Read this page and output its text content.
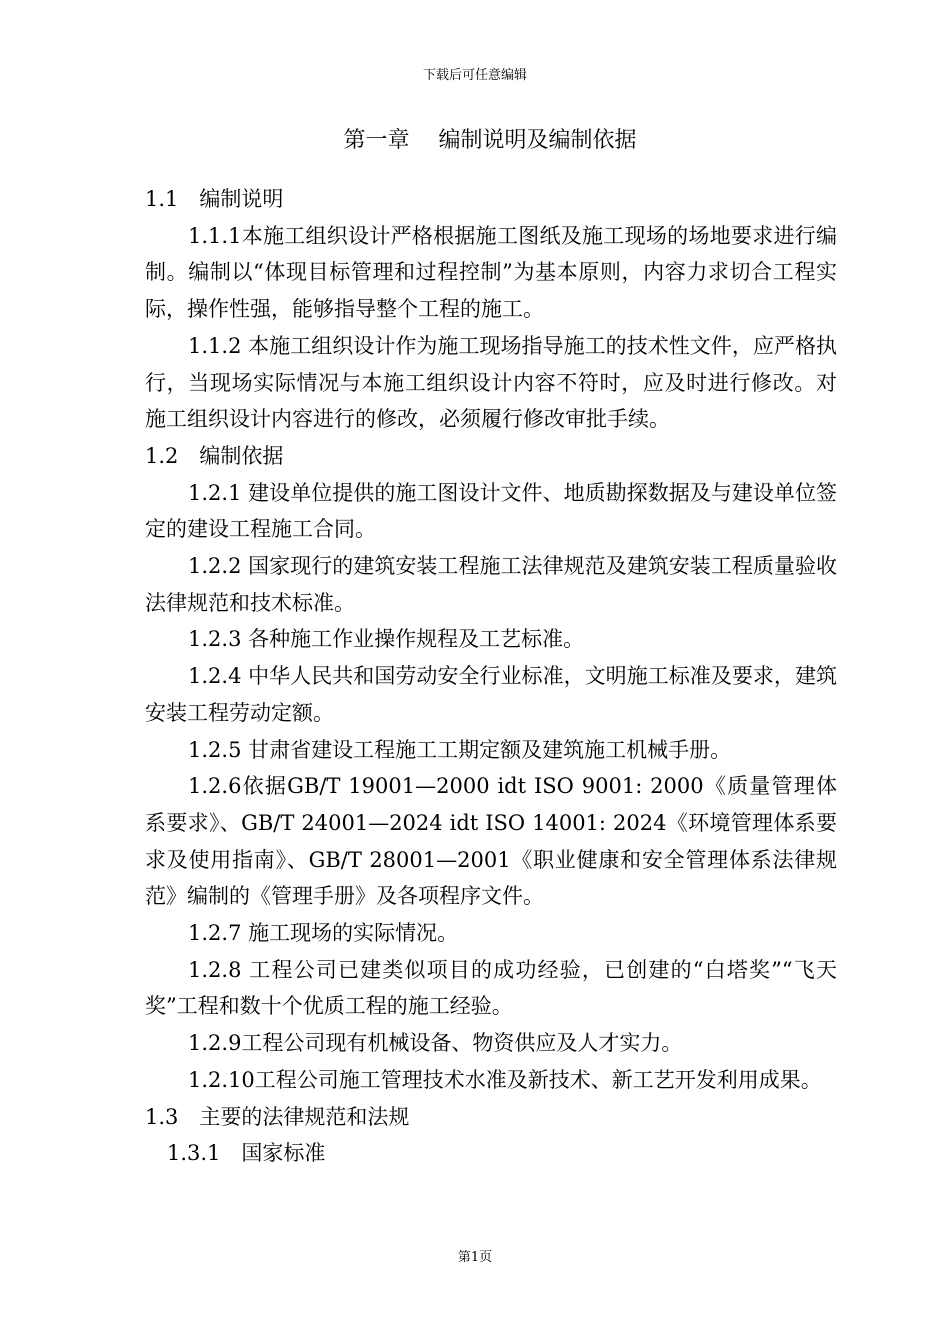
下载后可任意编辑
第一章　 编制说明及编制依据

1.1　编制说明

1.1.1本施工组织设计严格根据施工图纸及施工现场的场地要求进行编制。编制以“体现目标管理和过程控制”为基本原则，内容力求切合工程实际，操作性强，能够指导整个工程的施工。

1.1.2 本施工组织设计作为施工现场指导施工的技术性文件，应严格执行，当现场实际情况与本施工组织设计内容不符时，应及时进行修改。对施工组织设计内容进行的修改，必须履行修改审批手续。

1.2　编制依据

1.2.1 建设单位提供的施工图设计文件、地质勘探数据及与建设单位签定的建设工程施工合同。

1.2.2 国家现行的建筑安装工程施工法律规范及建筑安装工程质量验收法律规范和技术标准。

1.2.3 各种施工作业操作规程及工艺标准。

1.2.4 中华人民共和国劳动安全行业标准，文明施工标准及要求，建筑安装工程劳动定额。

1.2.5 甘肃省建设工程施工工期定额及建筑施工机械手册。

1.2.6依据GB/T 19001—2000 idt ISO 9001: 2000《质量管理体系要求》、GB/T 24001—2024 idt ISO 14001: 2024《环境管理体系要求及使用指南》、GB/T 28001—2001《职业健康和安全管理体系法律规范》编制的《管理手册》及各项程序文件。

1.2.7 施工现场的实际情况。

1.2.8 工程公司已建类似项目的成功经验，已创建的“白塔奖”“飞天奖”工程和数十个优质工程的施工经验。

1.2.9工程公司现有机械设备、物资供应及人才实力。

1.2.10工程公司施工管理技术水准及新技术、新工艺开发利用成果。

1.3　主要的法律规范和法规

1.3.1　国家标准

第1页
